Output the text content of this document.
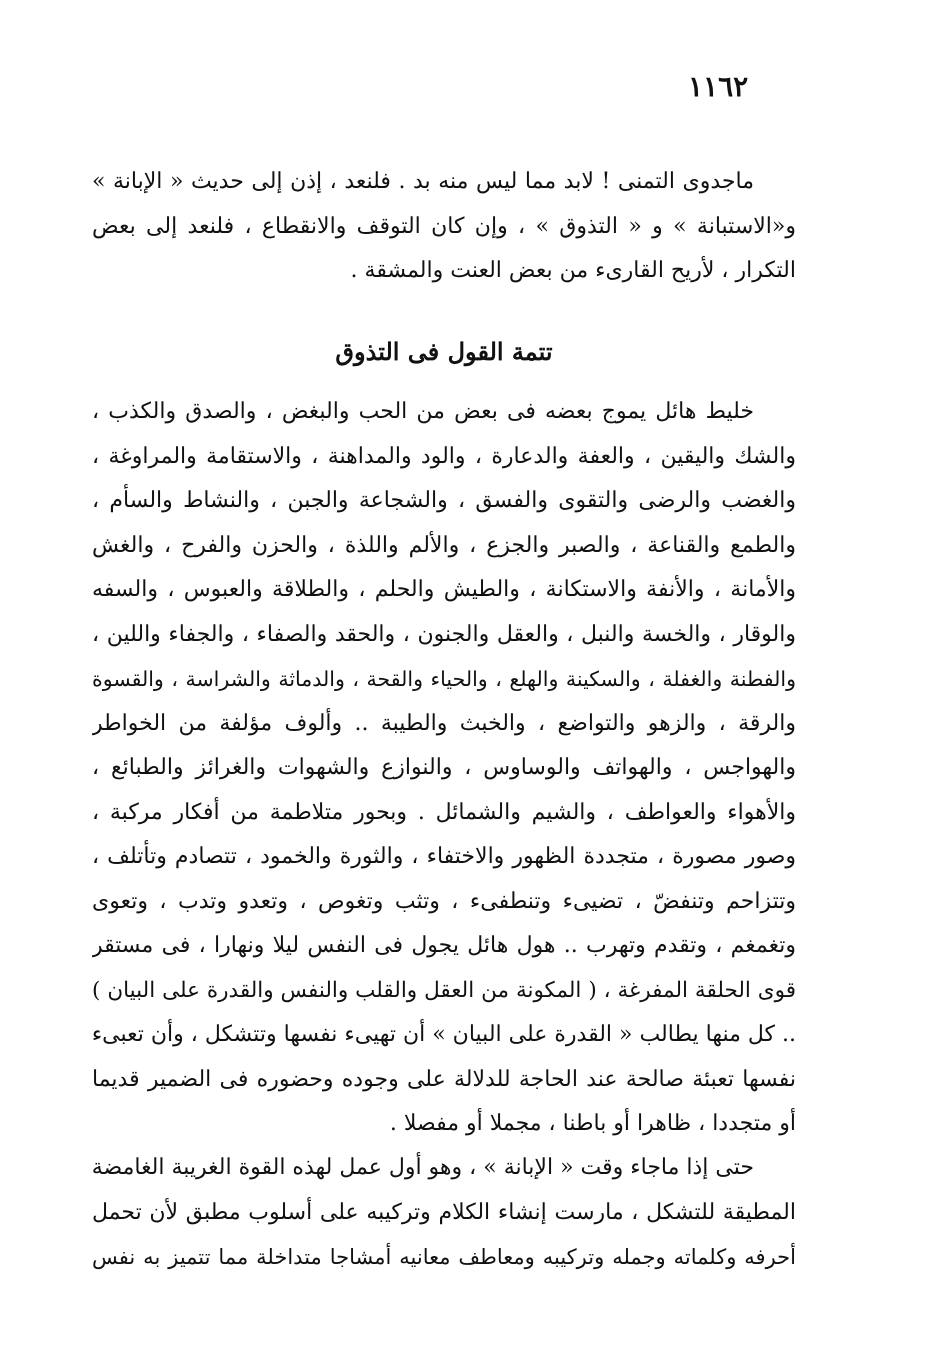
١١٦٢
ماجدوى التمنى ! لابد مما ليس منه بد . فلنعد ، إذن إلى حديث « الإبانة »
و«الاستبانة » و « التذوق » ، وإن كان التوقف والانقطاع ، فلنعد إلى بعض
التكرار ، لأريح القارىء من بعض العنت والمشقة .
تتمة القول فى التذوق
خليط هائل يموج بعضه فى بعض من الحب والبغض ، والصدق والكذب ،
والشك واليقين ، والعفة والدعارة ، والود والمداهنة ، والاستقامة والمراوغة ،
والغضب والرضى والتقوى والفسق ، والشجاعة والجبن ، والنشاط والسأم ،
والطمع والقناعة ، والصبر والجزع ، والألم واللذة ، والحزن والفرح ، والغش
والأمانة ، والأنفة والاستكانة ، والطيش والحلم ، والطلاقة والعبوس ، والسفه
والوقار ، والخسة والنبل ، والعقل والجنون ، والحقد والصفاء ، والجفاء واللين ،
والفطنة والغفلة ، والسكينة والهلع ، والحياء والقحة ، والدماثة والشراسة ، والقسوة
والرقة ، والزهو والتواضع ، والخبث والطيبة .. وألوف مؤلفة من الخواطر
والهواجس ، والهواتف والوساوس ، والنوازع والشهوات والغرائز والطبائع ،
والأهواء والعواطف ، والشيم والشمائل . وبحور متلاطمة من أفكار مركبة ،
وصور مصورة ، متجددة الظهور والاختفاء ، والثورة والخمود ، تتصادم وتأتلف ،
وتتزاحم وتنفضّ ، تضيىء وتنطفىء ، وتثب وتغوص ، وتعدو وتدب ، وتعوى
وتغمغم ، وتقدم وتهرب .. هول هائل يجول فى النفس ليلا ونهارا ، فى مستقر
قوى الحلقة المفرغة ، ( المكونة من العقل والقلب والنفس والقدرة على البيان )
.. كل منها يطالب « القدرة على البيان » أن تهيىء نفسها وتتشكل ، وأن تعبىء
نفسها تعبئة صالحة عند الحاجة للدلالة على وجوده وحضوره فى الضمير قديما
أو متجددا ، ظاهرا أو باطنا ، مجملا أو مفصلا .
حتى إذا ماجاء وقت « الإبانة » ، وهو أول عمل لهذه القوة الغريبة الغامضة
المطيقة للتشكل ، مارست إنشاء الكلام وتركيبه على أسلوب مطبق لأن تحمل
أحرفه وكلماته وجمله وتركيبه ومعاطف معانيه أمشاجا متداخلة مما تتميز به نفس
